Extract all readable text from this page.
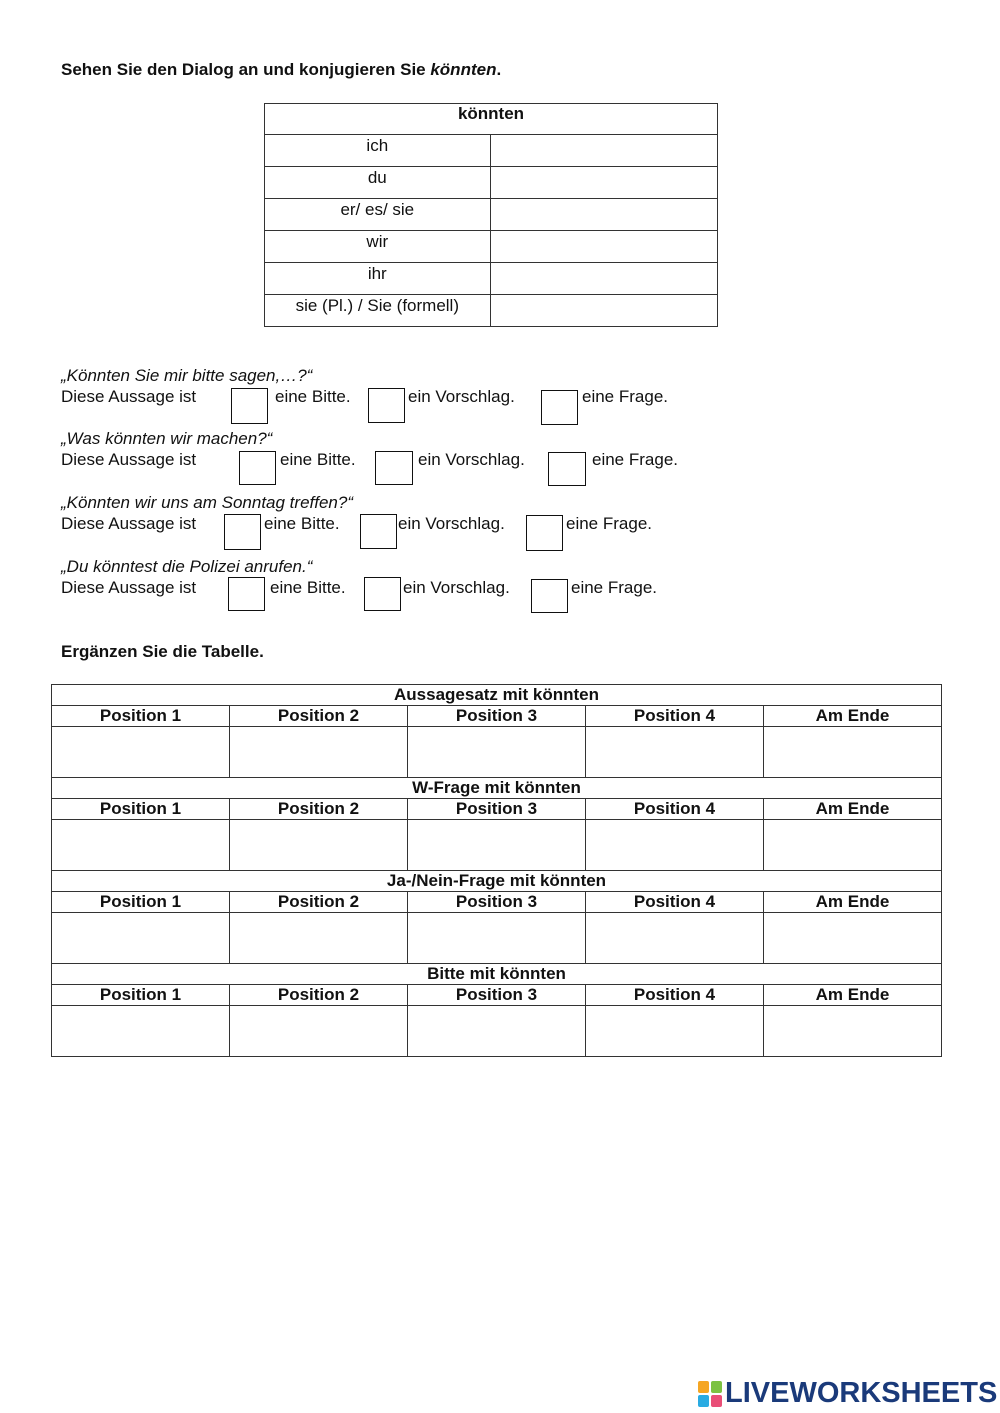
Sehen Sie den Dialog an und konjugieren Sie könnten.
könnten	
ich	
du	
er/ es/ sie	
wir	
ihr	
sie (Pl.) / Sie (formell)	
„Könnten Sie mir bitte sagen,…?“
Diese Aussage ist	eine Bitte.	ein Vorschlag.	eine Frage.
„Was könnten wir machen?“
Diese Aussage ist	eine Bitte.	ein Vorschlag.	eine Frage.
„Könnten wir uns am Sonntag treffen?“
Diese Aussage ist	eine Bitte.	ein Vorschlag.	eine Frage.
„Du könntest die Polizei anrufen.“
Diese Aussage ist	eine Bitte.	ein Vorschlag.	eine Frage.
Ergänzen Sie die Tabelle.
Aussagesatz mit könnten				
Position 1	Position 2	Position 3	Position 4	Am Ende

W-Frage mit könnten				
Position 1	Position 2	Position 3	Position 4	Am Ende

Ja-/Nein-Frage mit könnten				
Position 1	Position 2	Position 3	Position 4	Am Ende

Bitte mit könnten				
Position 1	Position 2	Position 3	Position 4	Am Ende

LIVEWORKSHEETS
